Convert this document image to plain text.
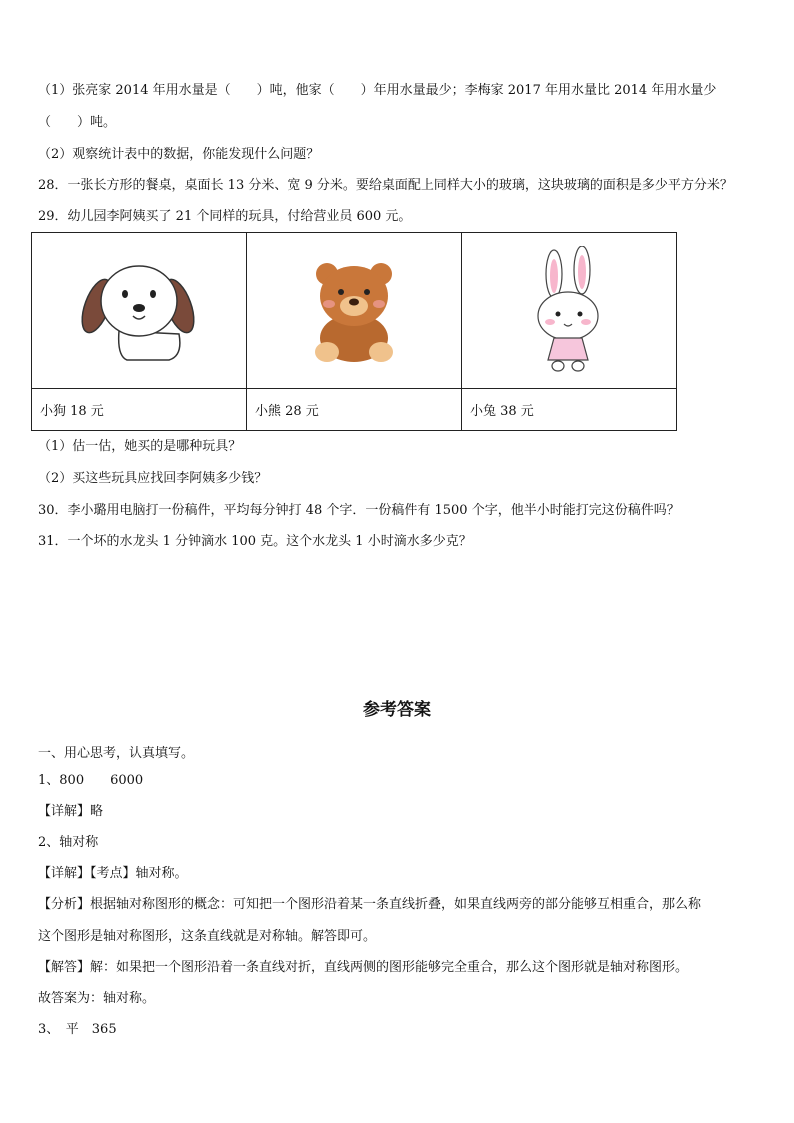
（1）张亮家 2014 年用水量是（　　）吨，他家（　　）年用水量最少；李梅家 2017 年用水量比 2014 年用水量少
（　　）吨。
（2）观察统计表中的数据，你能发现什么问题？
28．一张长方形的餐桌，桌面长 13 分米、宽 9 分米。要给桌面配上同样大小的玻璃，这块玻璃的面积是多少平方分米？
29．幼儿园李阿姨买了 21 个同样的玩具，付给营业员 600 元。

小狗 18 元	小熊 28 元	小兔 38 元
（1）估一估，她买的是哪种玩具？
（2）买这些玩具应找回李阿姨多少钱？
30．李小璐用电脑打一份稿件，平均每分钟打 48 个字．一份稿件有 1500 个字，他半小时能打完这份稿件吗？
31．一个坏的水龙头 1 分钟滴水 100 克。这个水龙头 1 小时滴水多少克？
参考答案
一、用心思考，认真填写。
1、800　　6000
【详解】略
2、轴对称
【详解】【考点】轴对称。
【分析】根据轴对称图形的概念：可知把一个图形沿着某一条直线折叠，如果直线两旁的部分能够互相重合，那么称
这个图形是轴对称图形，这条直线就是对称轴。解答即可。
【解答】解：如果把一个图形沿着一条直线对折，直线两侧的图形能够完全重合，那么这个图形就是轴对称图形。
故答案为：轴对称。
3、　平　365
